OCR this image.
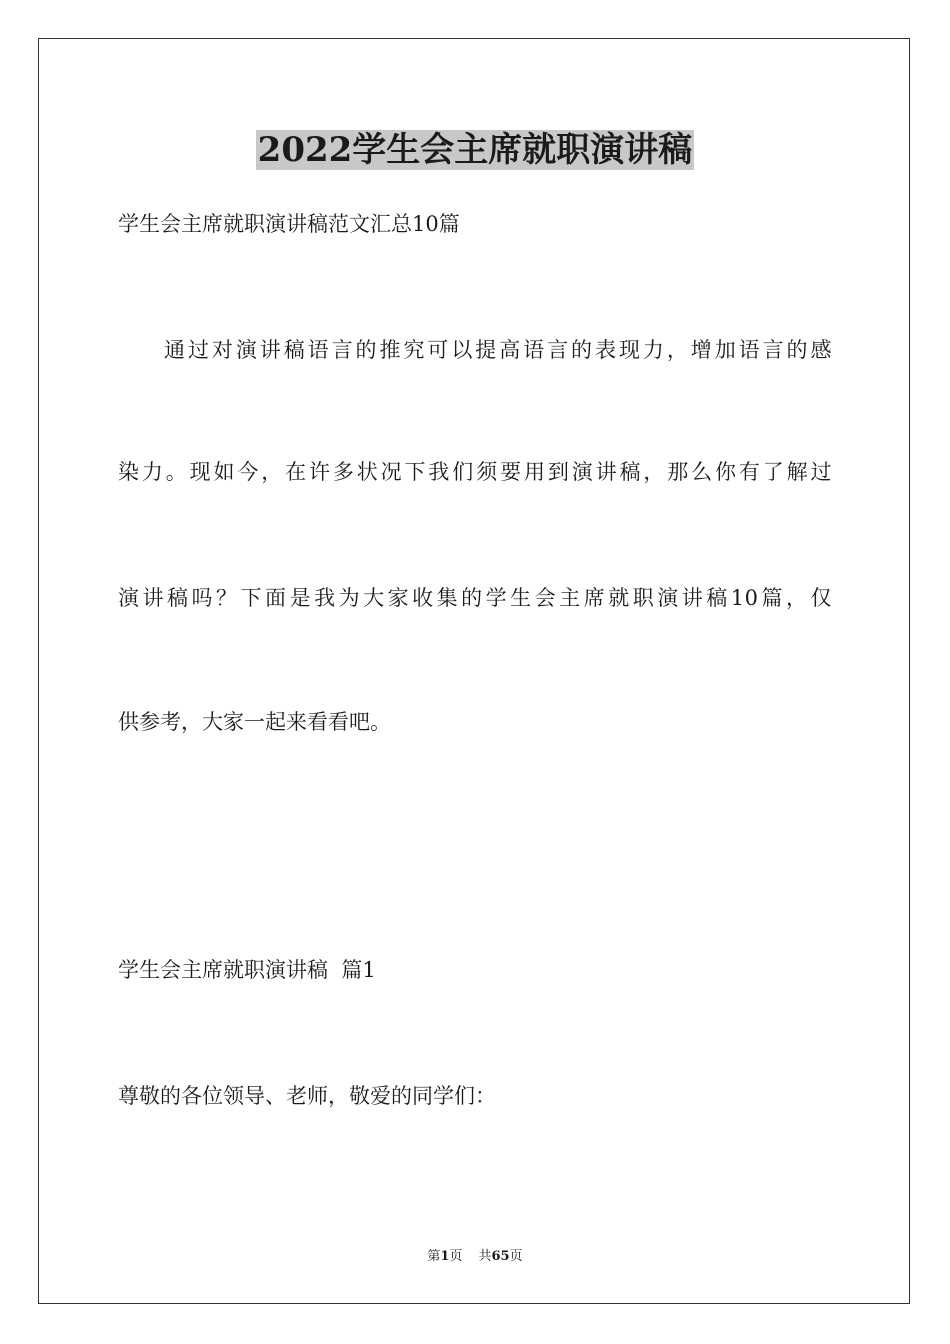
2022学生会主席就职演讲稿

学生会主席就职演讲稿范文汇总10篇

通过对演讲稿语言的推究可以提高语言的表现力，增加语言的感

染力。现如今，在许多状况下我们须要用到演讲稿，那么你有了解过

演讲稿吗？下面是我为大家收集的学生会主席就职演讲稿10篇，仅

供参考，大家一起来看看吧。

学生会主席就职演讲稿  篇1

尊敬的各位领导、老师，敬爱的同学们：

第1页 共65页
